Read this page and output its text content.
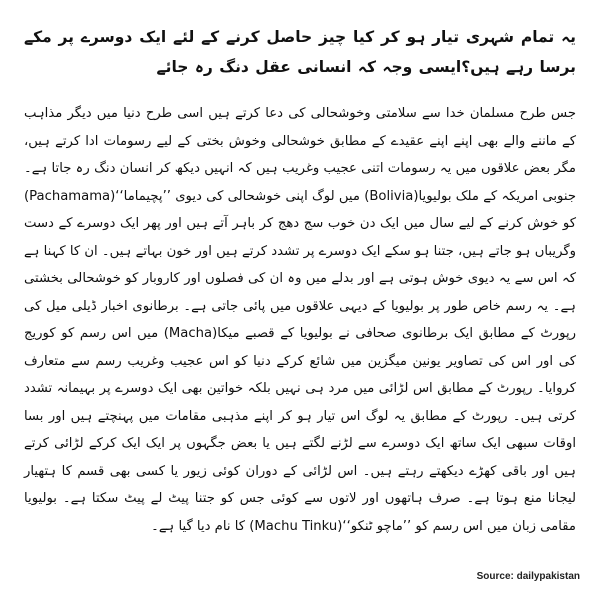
یہ تمام شہری تیار ہو کر کیا چیز حاصل کرنے کے لئے ایک دوسرے پر مکے برسا رہے ہیں؟ایسی وجہ کہ انسانی عقل دنگ رہ جائے

جس طرح مسلمان خدا سے سلامتی وخوشحالی کی دعا کرتے ہیں اسی طرح دنیا میں دیگر مذاہب کے ماننے والے بھی اپنے اپنے عقیدے کے مطابق خوشحالی وخوش بختی کے لیے رسومات ادا کرتے ہیں، مگر بعض علاقوں میں یہ رسومات اتنی عجیب وغریب ہیں کہ انہیں دیکھ کر انسان دنگ رہ جاتا ہے۔ جنوبی امریکہ کے ملک بولیویا(Bolivia) میں لوگ اپنی خوشحالی کی دیوی ’’پچیماما‘‘(Pachamama) کو خوش کرنے کے لیے سال میں ایک دن خوب سج دھج کر باہر آتے ہیں اور پھر ایک دوسرے کے دست وگریباں ہو جاتے ہیں، جتنا ہو سکے ایک دوسرے پر تشدد کرتے ہیں اور خون بہاتے ہیں۔ ان کا کہنا ہے کہ اس سے یہ دیوی خوش ہوتی ہے اور بدلے میں وہ ان کی فصلوں اور کاروبار کو خوشحالی بخشتی ہے۔ یہ رسم خاص طور پر بولیویا کے دیہی علاقوں میں پائی جاتی ہے۔ برطانوی اخبار ڈیلی میل کی رپورٹ کے مطابق ایک برطانوی صحافی نے بولیویا کے قصبے میکا(Macha) میں اس رسم کو کوریج کی اور اس کی تصاویر یونین میگزین میں شائع کرکے دنیا کو اس عجیب وغریب رسم سے متعارف کروایا۔ رپورٹ کے مطابق اس لڑائی میں مرد ہی نہیں بلکہ خواتین بھی ایک دوسرے پر بہیمانہ تشدد کرتی ہیں۔ رپورٹ کے مطابق یہ لوگ اس تیار ہو کر اپنے مذہبی مقامات میں پہنچتے ہیں اور بسا اوقات سبھی ایک ساتھ ایک دوسرے سے لڑنے لگتے ہیں یا بعض جگہوں پر ایک ایک کرکے لڑائی کرتے ہیں اور باقی کھڑے دیکھتے رہتے ہیں۔ اس لڑائی کے دوران کوئی زیور یا کسی بھی قسم کا ہتھیار لیجانا منع ہوتا ہے۔ صرف ہاتھوں اور لاتوں سے کوئی جس کو جتنا پیٹ لے پیٹ سکتا ہے۔ بولیویا مقامی زبان میں اس رسم کو ’’ماچو ٹنکو‘‘(Machu Tinku) کا نام دیا گیا ہے۔

Source: dailypakistan
